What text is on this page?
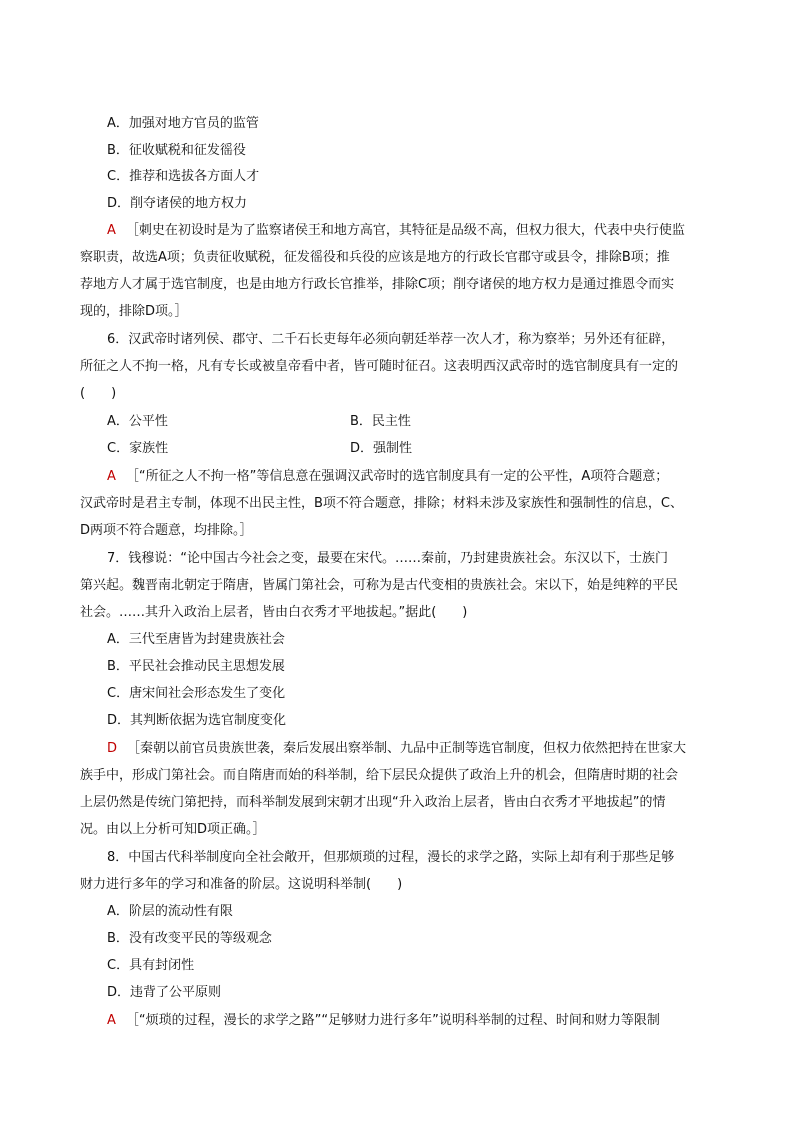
A．加强对地方官员的监管
B．征收赋税和征发徭役
C．推荐和选拔各方面人才
D．削夺诸侯的地方权力
A ［刺史在初设时是为了监察诸侯王和地方高官，其特征是品级不高，但权力很大，代表中央行使监
察职责，故选A项；负责征收赋税，征发徭役和兵役的应该是地方的行政长官郡守或县令，排除B项；推
荐地方人才属于选官制度，也是由地方行政长官推举，排除C项；削夺诸侯的地方权力是通过推恩令而实
现的，排除D项。］
6．汉武帝时诸列侯、郡守、二千石长吏每年必须向朝廷举荐一次人才，称为察举；另外还有征辟，
所征之人不拘一格，凡有专长或被皇帝看中者，皆可随时征召。这表明西汉武帝时的选官制度具有一定的
(　　)
A．公平性	B．民主性
C．家族性	D．强制性
A ［“所征之人不拘一格”等信息意在强调汉武帝时的选官制度具有一定的公平性，A项符合题意；
汉武帝时是君主专制，体现不出民主性，B项不符合题意，排除；材料未涉及家族性和强制性的信息，C、
D两项不符合题意，均排除。］
7．钱穆说：“论中国古今社会之变，最要在宋代。……秦前，乃封建贵族社会。东汉以下，士族门
第兴起。魏晋南北朝定于隋唐，皆属门第社会，可称为是古代变相的贵族社会。宋以下，始是纯粹的平民
社会。……其升入政治上层者，皆由白衣秀才平地拔起。”据此(　　)
A．三代至唐皆为封建贵族社会
B．平民社会推动民主思想发展
C．唐宋间社会形态发生了变化
D．其判断依据为选官制度变化
D ［秦朝以前官员贵族世袭，秦后发展出察举制、九品中正制等选官制度，但权力依然把持在世家大
族手中，形成门第社会。而自隋唐而始的科举制，给下层民众提供了政治上升的机会，但隋唐时期的社会
上层仍然是传统门第把持，而科举制发展到宋朝才出现“升入政治上层者，皆由白衣秀才平地拔起”的情
况。由以上分析可知D项正确。］
8．中国古代科举制度向全社会敞开，但那烦琐的过程，漫长的求学之路，实际上却有利于那些足够
财力进行多年的学习和准备的阶层。这说明科举制(　　)
A．阶层的流动性有限
B．没有改变平民的等级观念
C．具有封闭性
D．违背了公平原则
A ［“烦琐的过程，漫长的求学之路”“足够财力进行多年”说明科举制的过程、时间和财力等限制
